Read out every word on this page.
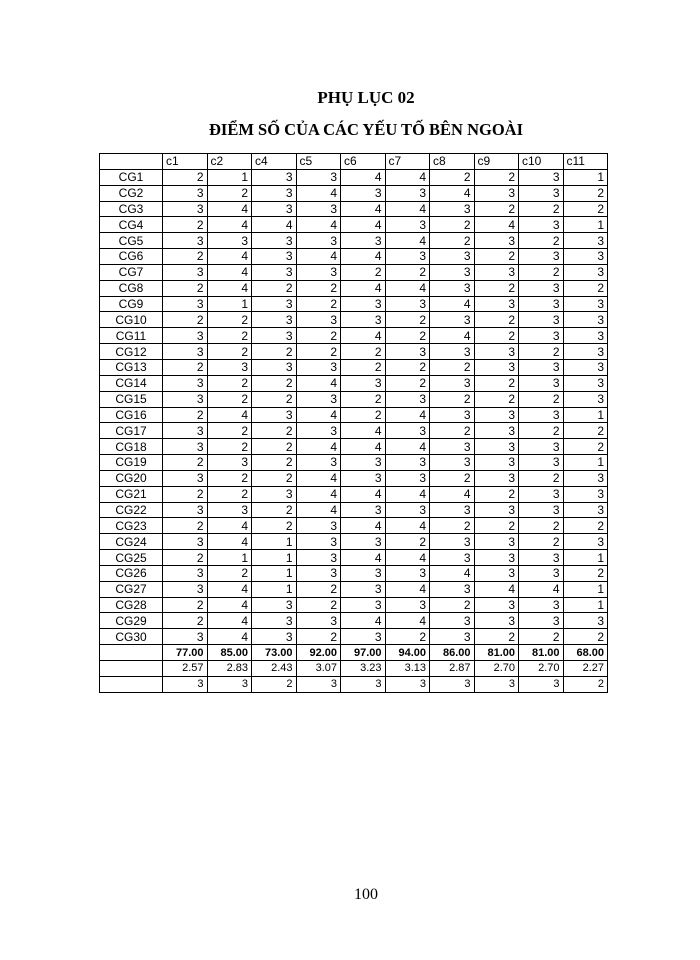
PHỤ LỤC 02
ĐIỂM SỐ CỦA CÁC YẾU TỐ BÊN NGOÀI
	c1	c2	c4	c5	c6	c7	c8	c9	c10	c11
CG1	2	1	3	3	4	4	2	2	3	1
CG2	3	2	3	4	3	3	4	3	3	2
CG3	3	4	3	3	4	4	3	2	2	2
CG4	2	4	4	4	4	3	2	4	3	1
CG5	3	3	3	3	3	4	2	3	2	3
CG6	2	4	3	4	4	3	3	2	3	3
CG7	3	4	3	3	2	2	3	3	2	3
CG8	2	4	2	2	4	4	3	2	3	2
CG9	3	1	3	2	3	3	4	3	3	3
CG10	2	2	3	3	3	2	3	2	3	3
CG11	3	2	3	2	4	2	4	2	3	3
CG12	3	2	2	2	2	3	3	3	2	3
CG13	2	3	3	3	2	2	2	3	3	3
CG14	3	2	2	4	3	2	3	2	3	3
CG15	3	2	2	3	2	3	2	2	2	3
CG16	2	4	3	4	2	4	3	3	3	1
CG17	3	2	2	3	4	3	2	3	2	2
CG18	3	2	2	4	4	4	3	3	3	2
CG19	2	3	2	3	3	3	3	3	3	1
CG20	3	2	2	4	3	3	2	3	2	3
CG21	2	2	3	4	4	4	4	2	3	3
CG22	3	3	2	4	3	3	3	3	3	3
CG23	2	4	2	3	4	4	2	2	2	2
CG24	3	4	1	3	3	2	3	3	2	3
CG25	2	1	1	3	4	4	3	3	3	1
CG26	3	2	1	3	3	3	4	3	3	2
CG27	3	4	1	2	3	4	3	4	4	1
CG28	2	4	3	2	3	3	2	3	3	1
CG29	2	4	3	3	4	4	3	3	3	3
CG30	3	4	3	2	3	2	3	2	2	2
	77.00	85.00	73.00	92.00	97.00	94.00	86.00	81.00	81.00	68.00
	2.57	2.83	2.43	3.07	3.23	3.13	2.87	2.70	2.70	2.27
	3	3	2	3	3	3	3	3	3	2
100
